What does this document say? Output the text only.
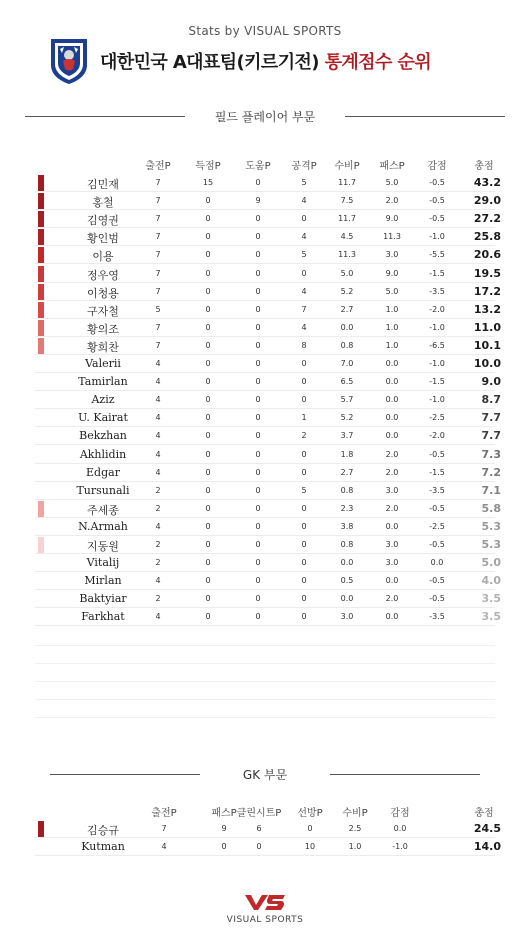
Stats by VISUAL SPORTS
대한민국 A대표팀(키르기전) 통계점수 순위
필드 플레이어 부문
출전P	득점P	도움P	공격P	수비P	패스P	감점	총점
김민재	7	15	0	5	11.7	5.0	-0.5	43.2
홍철	7	0	9	4	7.5	2.0	-0.5	29.0
김영권	7	0	0	0	11.7	9.0	-0.5	27.2
황인범	7	0	0	4	4.5	11.3	-1.0	25.8
이용	7	0	0	5	11.3	3.0	-5.5	20.6
정우영	7	0	0	0	5.0	9.0	-1.5	19.5
이청용	7	0	0	4	5.2	5.0	-3.5	17.2
구자철	5	0	0	7	2.7	1.0	-2.0	13.2
황의조	7	0	0	4	0.0	1.0	-1.0	11.0
황희찬	7	0	0	8	0.8	1.0	-6.5	10.1
Valerii	4	0	0	0	7.0	0.0	-1.0	10.0
Tamirlan	4	0	0	0	6.5	0.0	-1.5	9.0
Aziz	4	0	0	0	5.7	0.0	-1.0	8.7
U. Kairat	4	0	0	1	5.2	0.0	-2.5	7.7
Bekzhan	4	0	0	2	3.7	0.0	-2.0	7.7
Akhlidin	4	0	0	0	1.8	2.0	-0.5	7.3
Edgar	4	0	0	0	2.7	2.0	-1.5	7.2
Tursunali	2	0	0	5	0.8	3.0	-3.5	7.1
주세종	2	0	0	0	2.3	2.0	-0.5	5.8
N.Armah	4	0	0	0	3.8	0.0	-2.5	5.3
지동원	2	0	0	0	0.8	3.0	-0.5	5.3
Vitalij	2	0	0	0	0.0	3.0	0.0	5.0
Mirlan	4	0	0	0	0.5	0.0	-0.5	4.0
Baktyiar	2	0	0	0	0.0	2.0	-0.5	3.5
Farkhat	4	0	0	0	3.0	0.0	-3.5	3.5
GK 부문
출전P	패스P 클린시트P	선방P	수비P	감점	총점
김승규	7	9	6	0	2.5	0.0	24.5
Kutman	4	0	0	10	1.0	-1.0	14.0
VISUAL SPORTS
